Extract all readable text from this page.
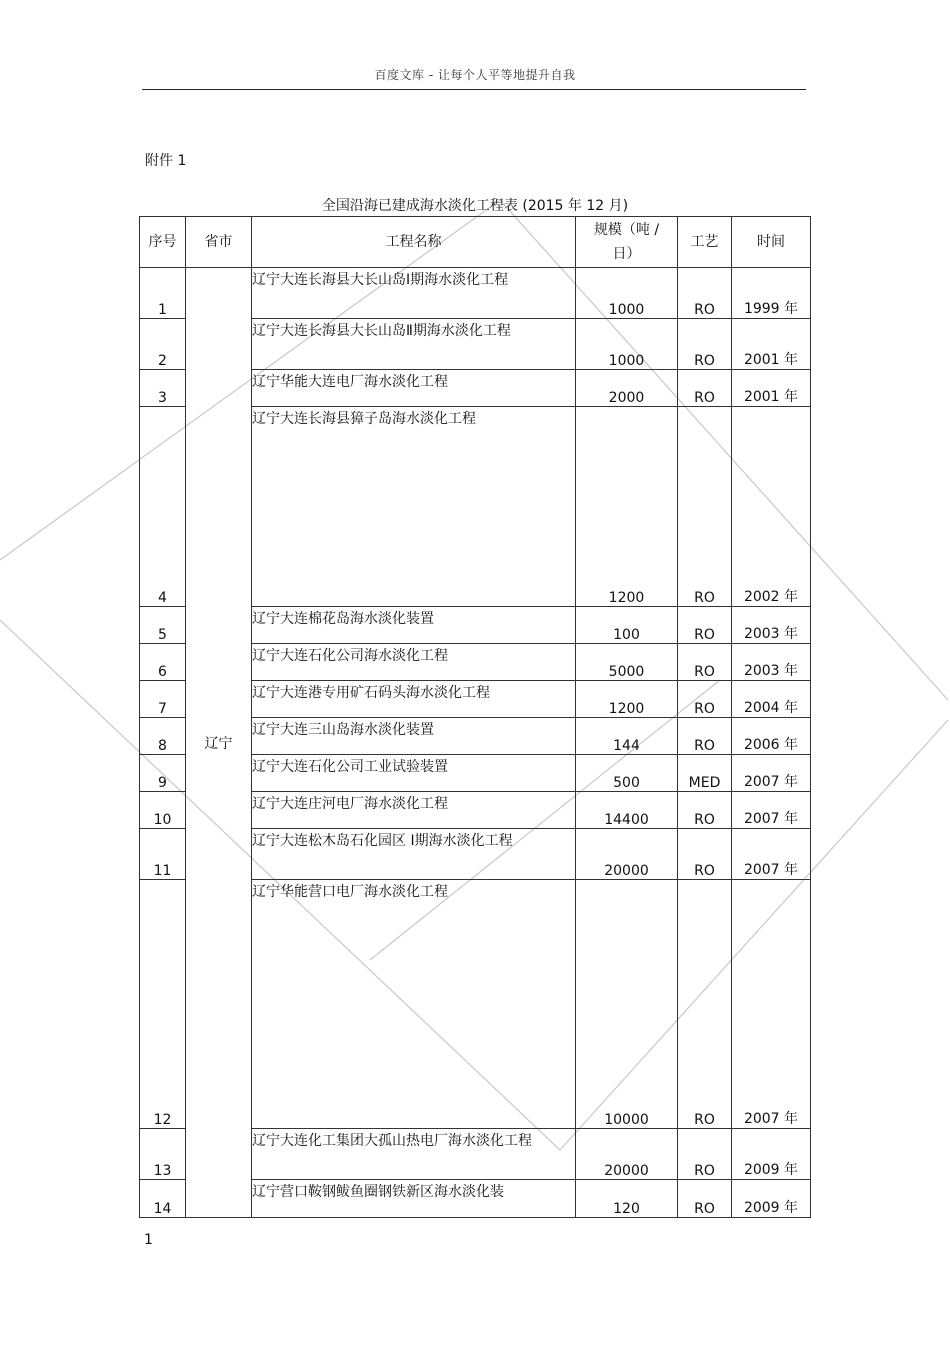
百度文库 - 让每个人平等地提升自我
附件 1
全国沿海已建成海水淡化工程表 (2015 年 12 月)
序号	省市	工程名称	规模（吨 / 日）	工艺	时间
1	辽宁	辽宁大连长海县大长山岛Ⅰ期海水淡化工程	1000	RO	1999 年
2		辽宁大连长海县大长山岛Ⅱ期海水淡化工程	1000	RO	2001 年
3		辽宁华能大连电厂海水淡化工程	2000	RO	2001 年
4		辽宁大连长海县獐子岛海水淡化工程	1200	RO	2002 年
5		辽宁大连棉花岛海水淡化装置	100	RO	2003 年
6		辽宁大连石化公司海水淡化工程	5000	RO	2003 年
7		辽宁大连港专用矿石码头海水淡化工程	1200	RO	2004 年
8		辽宁大连三山岛海水淡化装置	144	RO	2006 年
9		辽宁大连石化公司工业试验装置	500	MED	2007 年
10		辽宁大连庄河电厂海水淡化工程	14400	RO	2007 年
11		辽宁大连松木岛石化园区 Ⅰ期海水淡化工程	20000	RO	2007 年
12		辽宁华能营口电厂海水淡化工程	10000	RO	2007 年
13		辽宁大连化工集团大孤山热电厂海水淡化工程	20000	RO	2009 年
14		辽宁营口鞍钢鲅鱼圈钢铁新区海水淡化装	120	RO	2009 年
1
